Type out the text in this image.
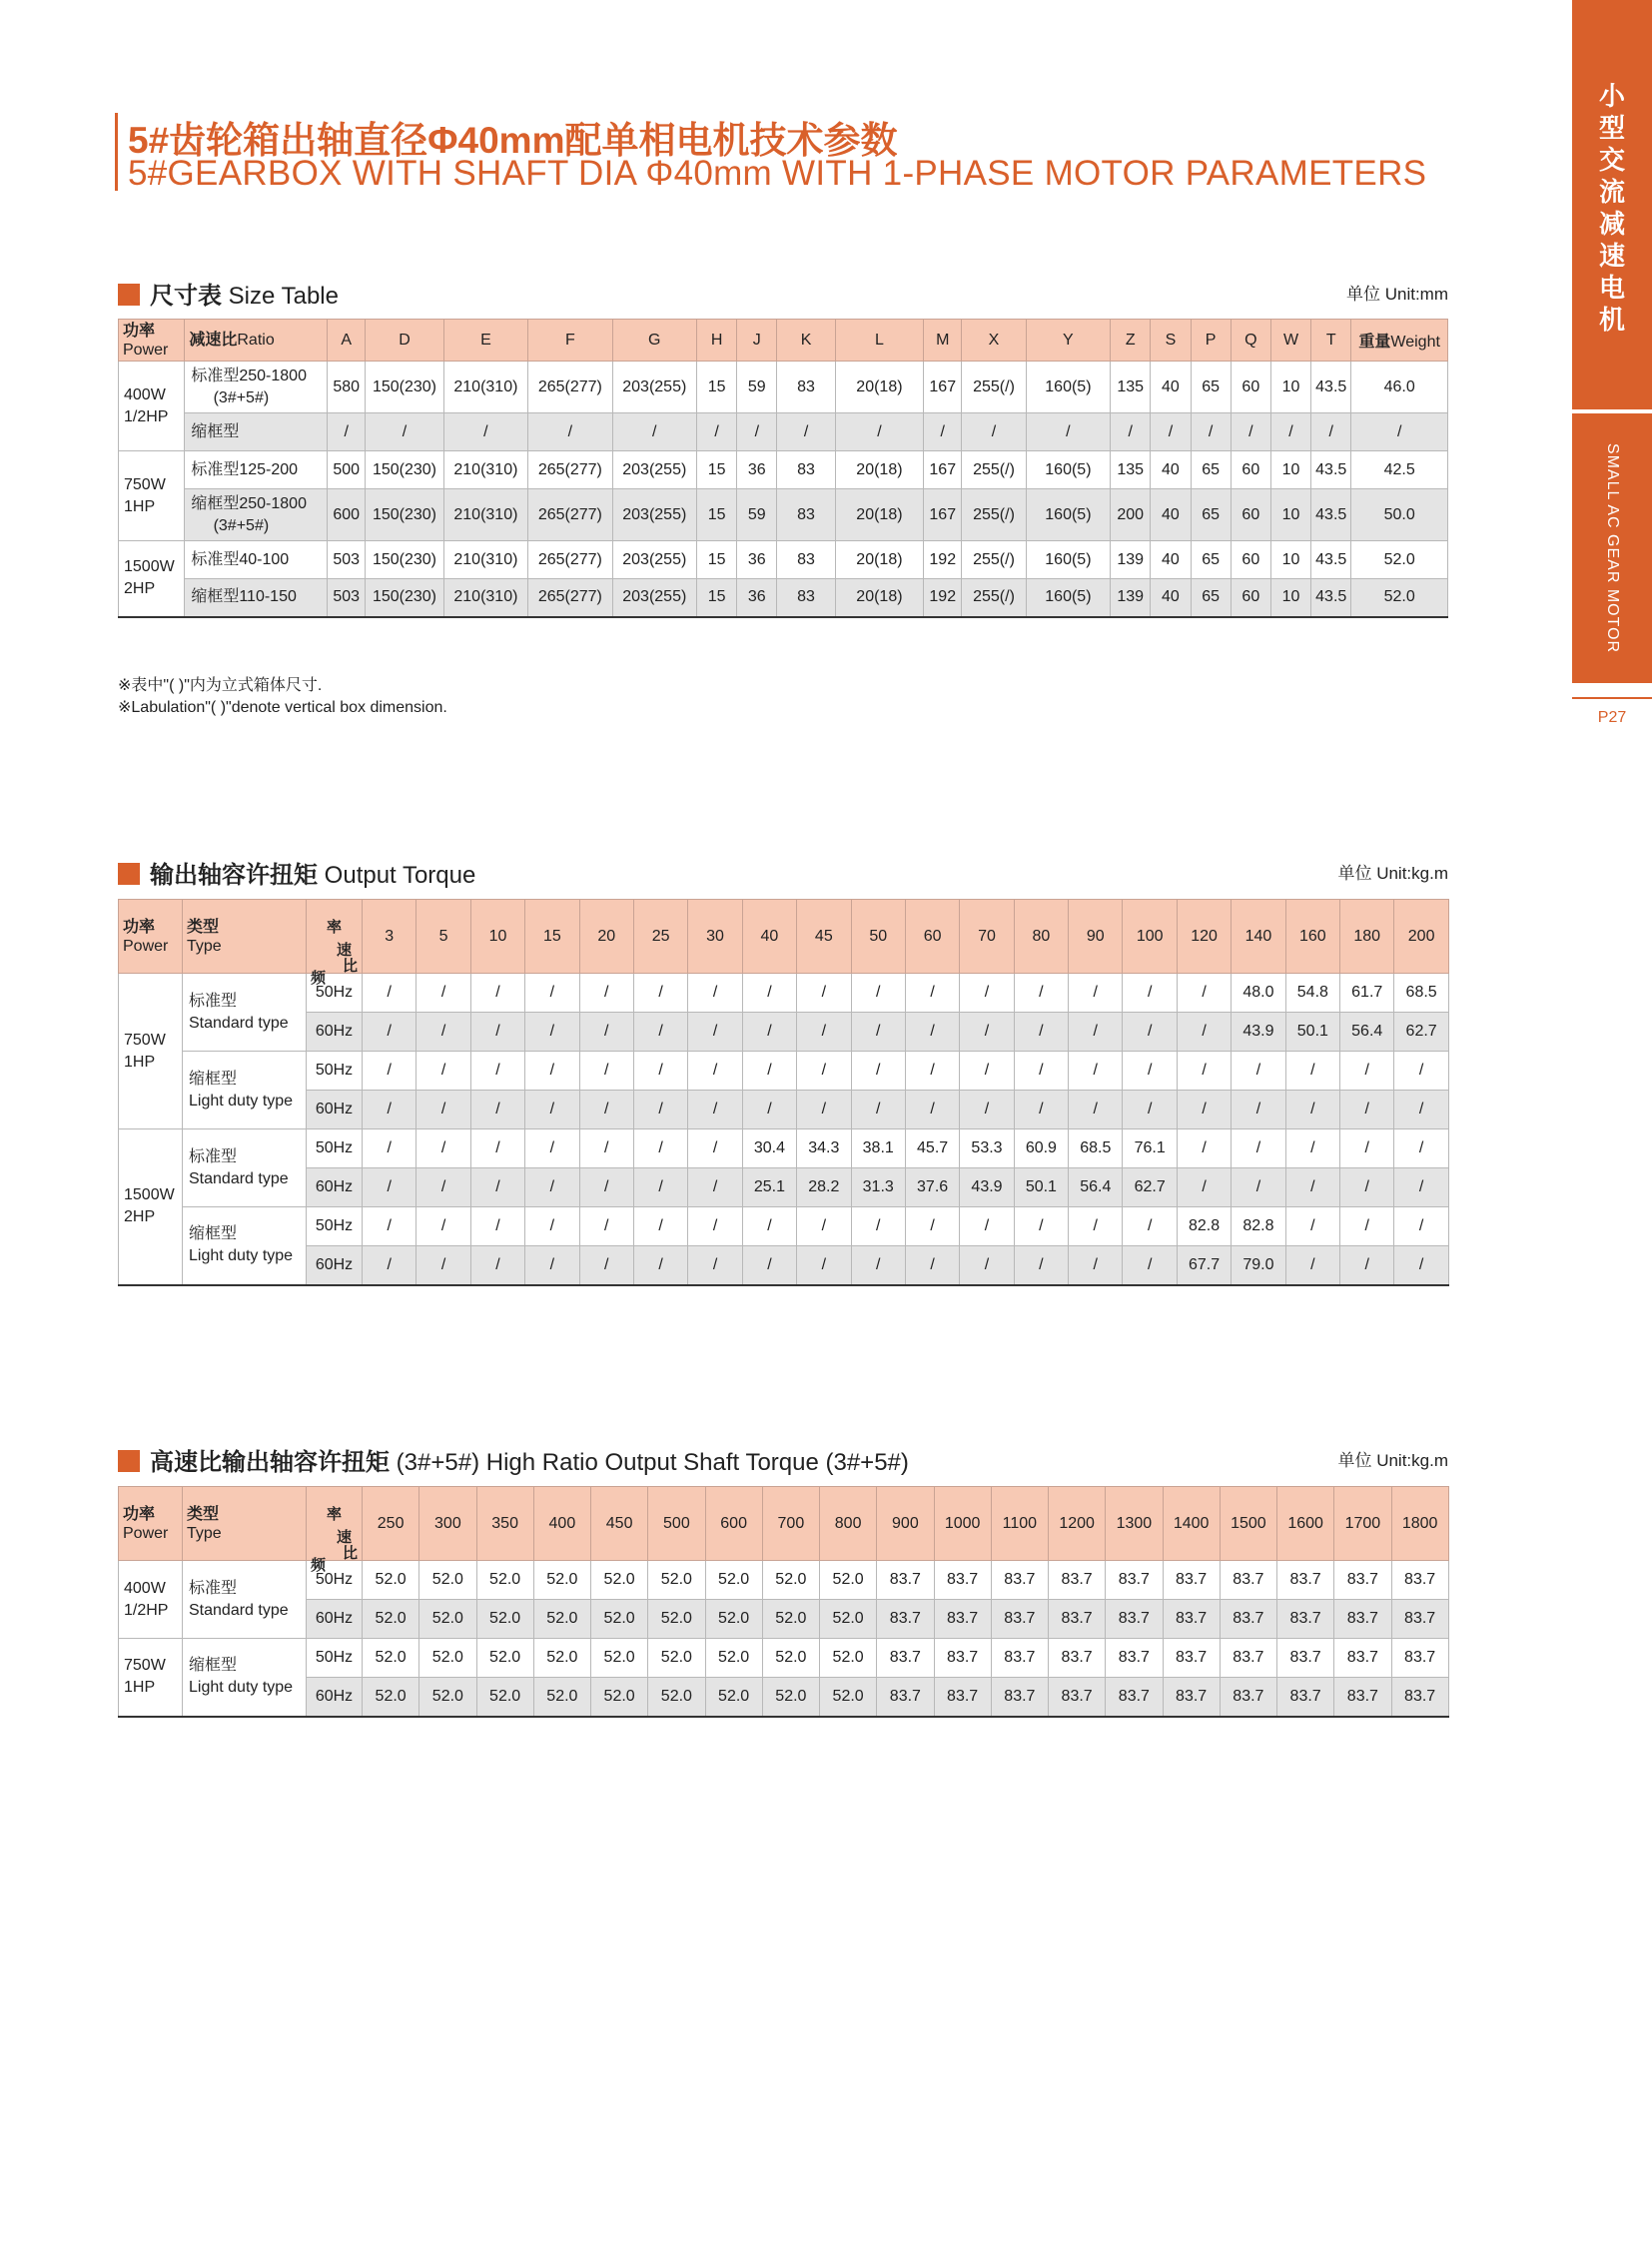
5#齿轮箱出轴直径Φ40mm配单相电机技术参数
5#GEARBOX WITH SHAFT DIA Φ40mm WITH 1-PHASE MOTOR PARAMETERS
小
型
交
流
减
速
电
机
SMALL AC GEAR MOTOR
P27
尺寸表 Size Table	单位 Unit:mm
功率
Power	减速比Ratio	A	D	E	F	G	H	J	K	L	M	X	Y	Z	S	P	Q	W	T	重量Weight
400W
1/2HP	标准型250-1800
(3#+5#)	580	150(230)	210(310)	265(277)	203(255)	15	59	83	20(18)	167	255(/)	160(5)	135	40	65	60	10	43.5	46.0
	缩框型	/	/	/	/	/	/	/	/	/	/	/	/	/	/	/	/	/	/	/
750W
1HP	标准型125-200	500	150(230)	210(310)	265(277)	203(255)	15	36	83	20(18)	167	255(/)	160(5)	135	40	65	60	10	43.5	42.5
	缩框型250-1800
(3#+5#)	600	150(230)	210(310)	265(277)	203(255)	15	59	83	20(18)	167	255(/)	160(5)	200	40	65	60	10	43.5	50.0
1500W
2HP	标准型40-100	503	150(230)	210(310)	265(277)	203(255)	15	36	83	20(18)	192	255(/)	160(5)	139	40	65	60	10	43.5	52.0
	缩框型110-150	503	150(230)	210(310)	265(277)	203(255)	15	36	83	20(18)	192	255(/)	160(5)	139	40	65	60	10	43.5	52.0
※表中"( )"内为立式箱体尺寸.
※Labulation"( )"denote vertical box dimension.
输出轴容许扭矩 Output Torque	单位 Unit:kg.m
功率
Power	类型
Type	速
比
频
率	3	5	10	15	20	25	30	40	45	50	60	70	80	90	100	120	140	160	180	200
750W
1HP	标准型
Standard type	50Hz	/	/	/	/	/	/	/	/	/	/	/	/	/	/	/	/	48.0	54.8	61.7	68.5
		60Hz	/	/	/	/	/	/	/	/	/	/	/	/	/	/	/	/	43.9	50.1	56.4	62.7
	缩框型
Light duty type	50Hz	/	/	/	/	/	/	/	/	/	/	/	/	/	/	/	/	/	/	/	/
		60Hz	/	/	/	/	/	/	/	/	/	/	/	/	/	/	/	/	/	/	/	/
1500W
2HP	标准型
Standard type	50Hz	/	/	/	/	/	/	/	30.4	34.3	38.1	45.7	53.3	60.9	68.5	76.1	/	/	/	/	/
		60Hz	/	/	/	/	/	/	/	25.1	28.2	31.3	37.6	43.9	50.1	56.4	62.7	/	/	/	/	/
	缩框型
Light duty type	50Hz	/	/	/	/	/	/	/	/	/	/	/	/	/	/	/	82.8	82.8	/	/	/
		60Hz	/	/	/	/	/	/	/	/	/	/	/	/	/	/	/	67.7	79.0	/	/	/
高速比输出轴容许扭矩 (3#+5#) High Ratio Output Shaft Torque (3#+5#)	单位 Unit:kg.m
功率
Power	类型
Type	速
比
频
率	250	300	350	400	450	500	600	700	800	900	1000	1100	1200	1300	1400	1500	1600	1700	1800
400W
1/2HP	标准型
Standard type	50Hz	52.0	52.0	52.0	52.0	52.0	52.0	52.0	52.0	52.0	83.7	83.7	83.7	83.7	83.7	83.7	83.7	83.7	83.7	83.7
		60Hz	52.0	52.0	52.0	52.0	52.0	52.0	52.0	52.0	52.0	83.7	83.7	83.7	83.7	83.7	83.7	83.7	83.7	83.7	83.7
750W
1HP	缩框型
Light duty type	50Hz	52.0	52.0	52.0	52.0	52.0	52.0	52.0	52.0	52.0	83.7	83.7	83.7	83.7	83.7	83.7	83.7	83.7	83.7	83.7
		60Hz	52.0	52.0	52.0	52.0	52.0	52.0	52.0	52.0	52.0	83.7	83.7	83.7	83.7	83.7	83.7	83.7	83.7	83.7	83.7
